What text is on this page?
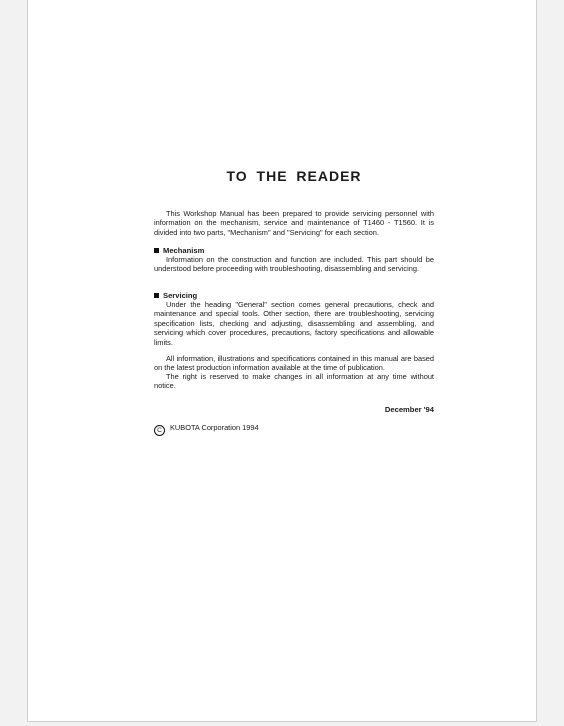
TO THE READER
This Workshop Manual has been prepared to provide servicing personnel with information on the mechanism, service and maintenance of T1460 - T1560. It is divided into two parts, "Mechanism" and "Servicing" for each section.
Mechanism
Information on the construction and function are included. This part should be understood before proceeding with troubleshooting, disassembling and servicing.
Servicing
Under the heading "General" section comes general precautions, check and maintenance and special tools. Other section, there are troubleshooting, servicing specification lists, checking and adjusting, disassembling and assembling, and servicing which cover procedures, precautions, factory specifications and allowable limits.
All information, illustrations and specifications contained in this manual are based on the latest production information available at the time of publication.
The right is reserved to make changes in all information at any time without notice.
December '94
C KUBOTA Corporation 1994
